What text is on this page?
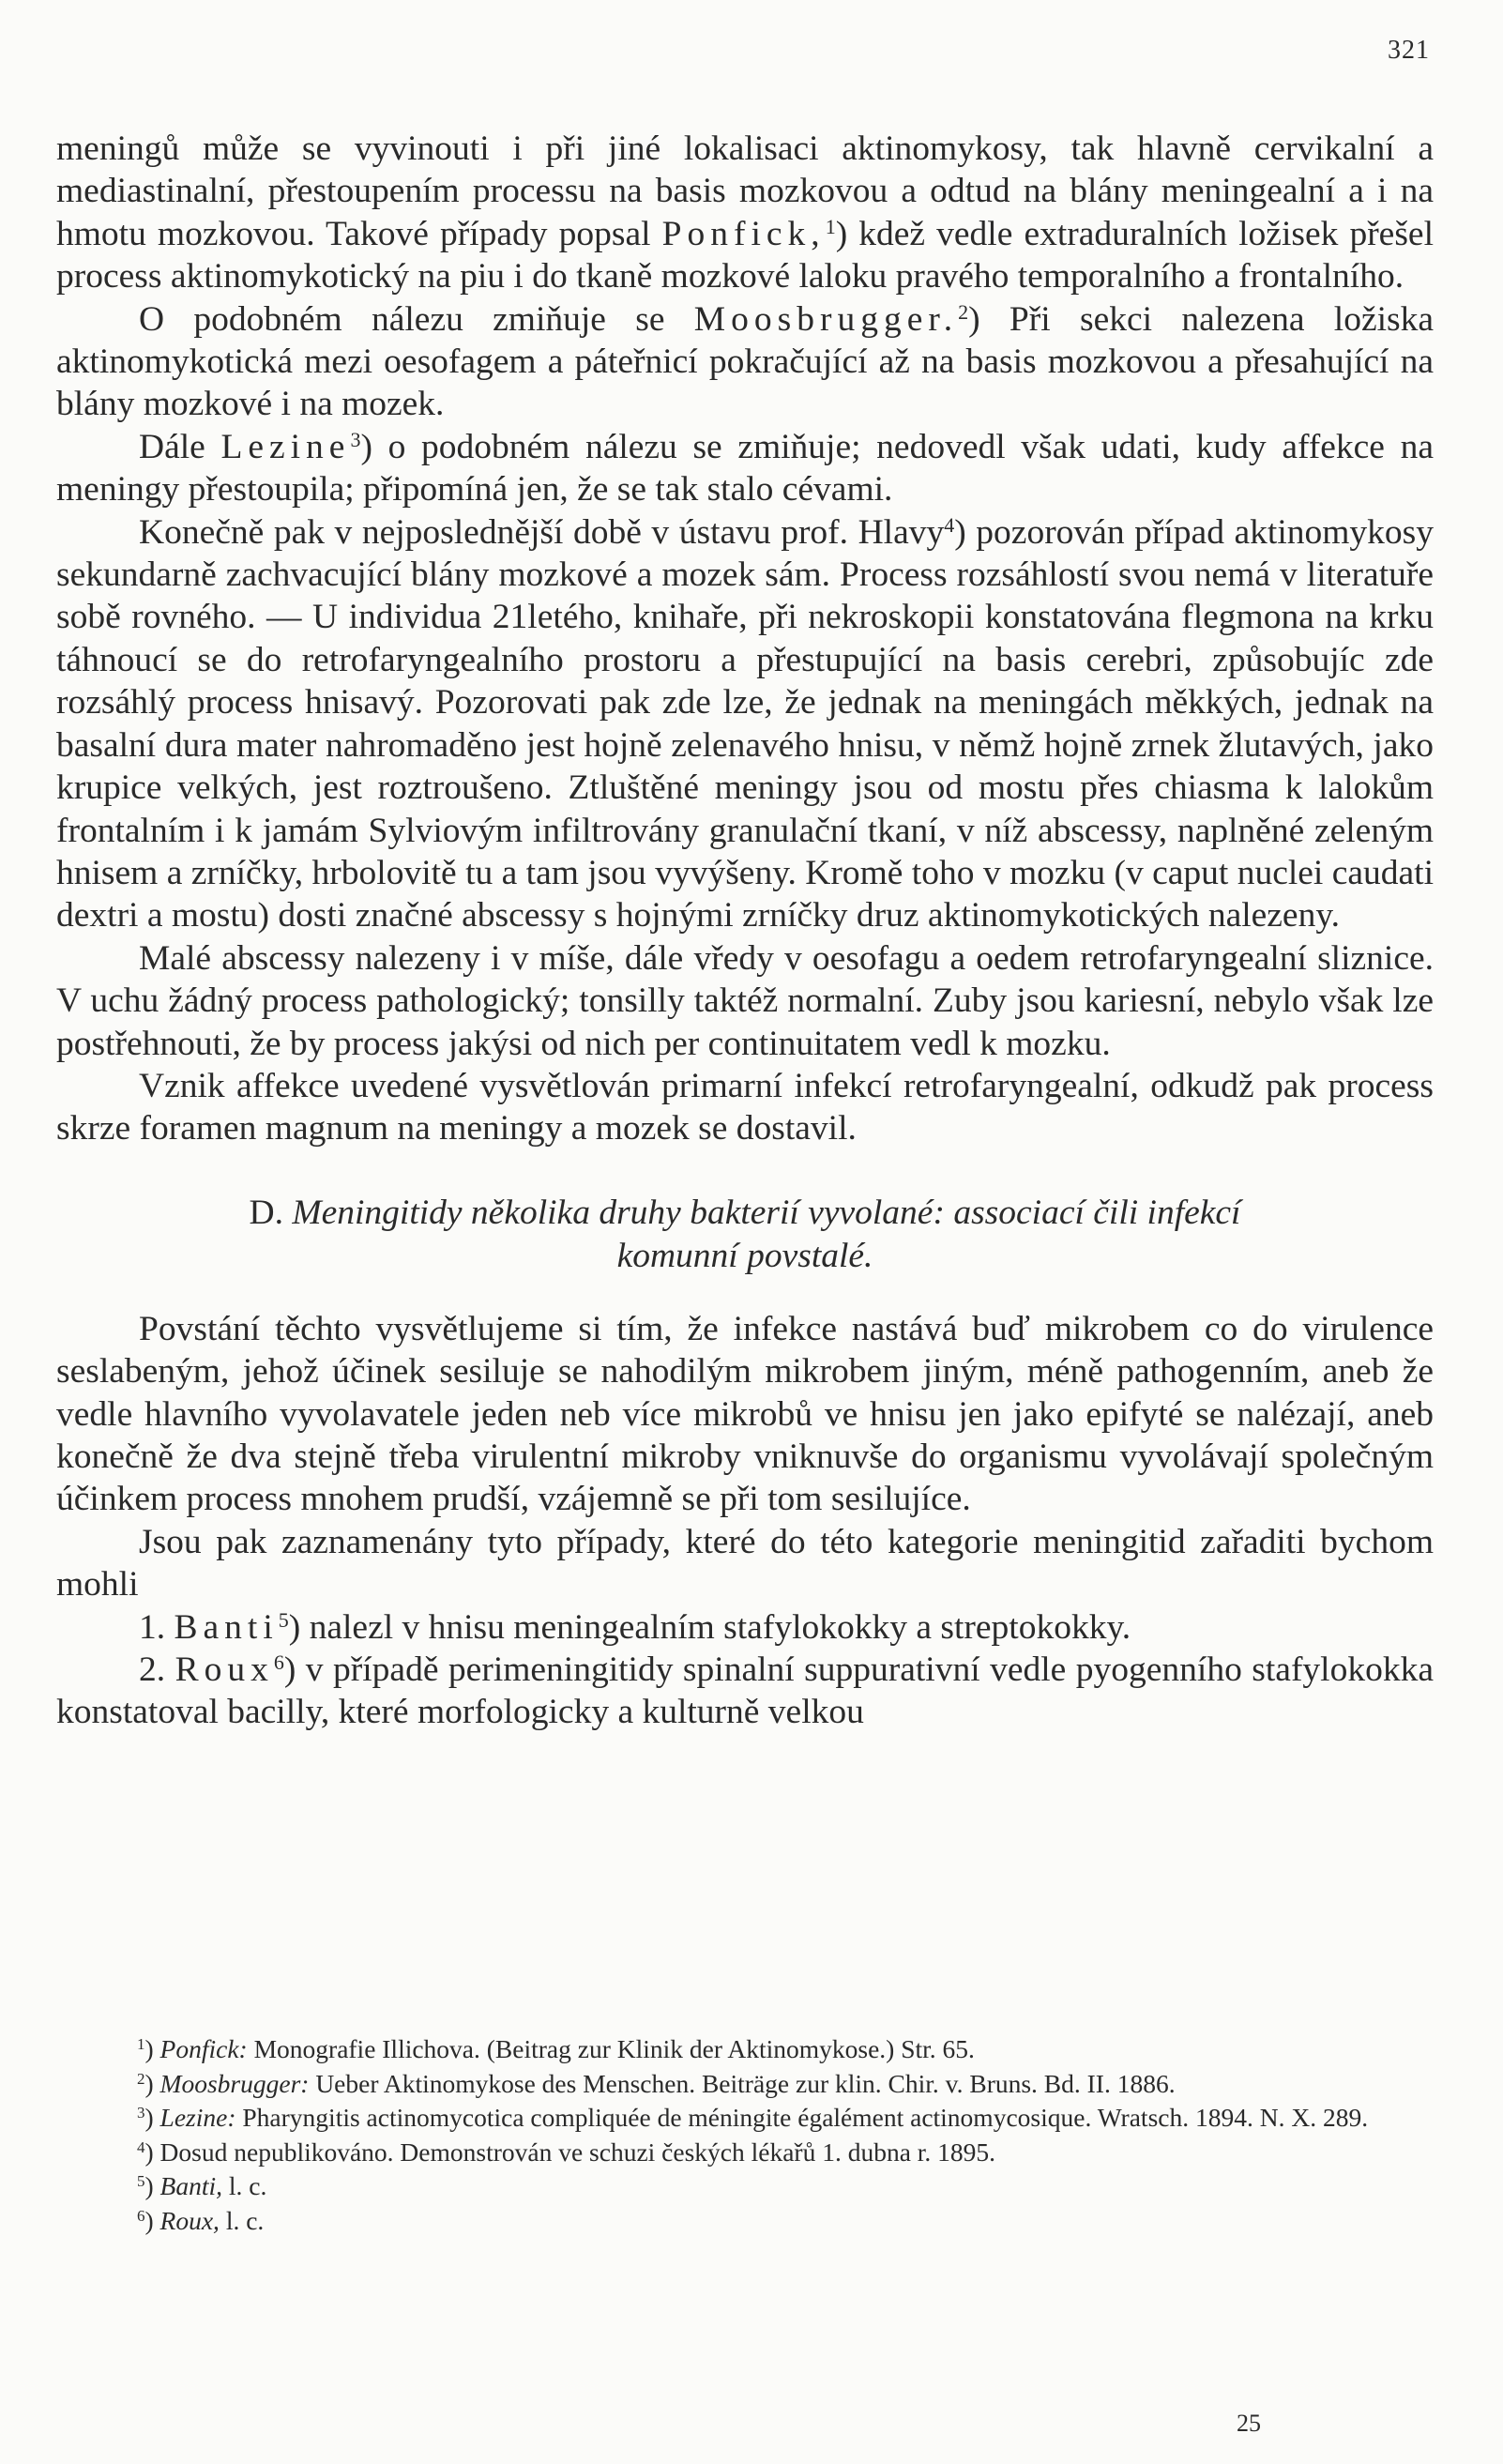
321

meningů může se vyvinouti i při jiné lokalisaci aktinomykosy, tak hlavně cervikalní a mediastinalní, přestoupením processu na basis mozkovou a odtud na blány meningealní a i na hmotu mozkovou. Takové případy popsal Ponfick,$^1$) kdež vedle extraduralních ložisek přešel process aktinomykotický na piu i do tkaně mozkové laloku pravého temporalního a frontalního.

O podobném nálezu zmiňuje se Moosbrugger.$^2$) Při sekci nalezena ložiska aktinomykotická mezi oesofagem a páteřnicí pokračující až na basis mozkovou a přesahující na blány mozkové i na mozek.

Dále Lezine$^3$) o podobném nálezu se zmiňuje; nedovedl však udati, kudy affekce na meningy přestoupila; připomíná jen, že se tak stalo cévami.

Konečně pak v nejposlednější době v ústavu prof. Hlavy$^4$) pozorován případ aktinomykosy sekundarně zachvacující blány mozkové a mozek sám. Process rozsáhlostí svou nemá v literatuře sobě rovného. — U individua 21letého, knihaře, při nekroskopii konstatována flegmona na krku táhnoucí se do retrofaryngealního prostoru a přestupující na basis cerebri, způsobujíc zde rozsáhlý process hnisavý. Pozorovati pak zde lze, že jednak na meningách měkkých, jednak na basalní dura mater nahromaděno jest hojně zelenavého hnisu, v němž hojně zrnek žlutavých, jako krupice velkých, jest roztroušeno. Ztluštěné meningy jsou od mostu přes chiasma k lalokům frontalním i k jamám Sylviovým infiltrovány granulační tkaní, v níž abscessy, naplněné zeleným hnisem a zrníčky, hrbolovitě tu a tam jsou vyvýšeny. Kromě toho v mozku (v caput nuclei caudati dextri a mostu) dosti značné abscessy s hojnými zrníčky druz aktinomykotických nalezeny.

Malé abscessy nalezeny i v míše, dále vředy v oesofagu a oedem retrofaryngealní sliznice. V uchu žádný process pathologický; tonsilly taktéž normalní. Zuby jsou kariesní, nebylo však lze postřehnouti, že by process jakýsi od nich per continuitatem vedl k mozku.

Vznik affekce uvedené vysvětlován primarní infekcí retrofaryngealní, odkudž pak process skrze foramen magnum na meningy a mozek se dostavil.

D. Meningitidy několika druhy bakterií vyvolané: associací čili infekcí
komunní povstalé.

Povstání těchto vysvětlujeme si tím, že infekce nastává buď mikrobem co do virulence seslabeným, jehož účinek sesiluje se nahodilým mikrobem jiným, méně pathogenním, aneb že vedle hlavního vyvolavatele jeden neb více mikrobů ve hnisu jen jako epifyté se nalézají, aneb konečně že dva stejně třeba virulentní mikroby vniknuvše do organismu vyvolávají společným účinkem process mnohem prudší, vzájemně se při tom sesilujíce.

Jsou pak zaznamenány tyto případy, které do této kategorie meningitid zařaditi bychom mohli

1. Banti$^5$) nalezl v hnisu meningealním stafylokokky a streptokokky.

2. Roux$^6$) v případě perimeningitidy spinalní suppurativní vedle pyogenního stafylokokka konstatoval bacilly, které morfologicky a kulturně velkou

$^1$) Ponfick: Monografie Illichova. (Beitrag zur Klinik der Aktinomykose.) Str. 65.

$^2$) Moosbrugger: Ueber Aktinomykose des Menschen. Beiträge zur klin. Chir. v. Bruns. Bd. II. 1886.

$^3$) Lezine: Pharyngitis actinomycotica compliquée de méningite égalément actinomycosique. Wratsch. 1894. N. X. 289.

$^4$) Dosud nepublikováno. Demonstrován ve schuzi českých lékařů 1. dubna r. 1895.

$^5$) Banti, l. c.

$^6$) Roux, l. c.

25
